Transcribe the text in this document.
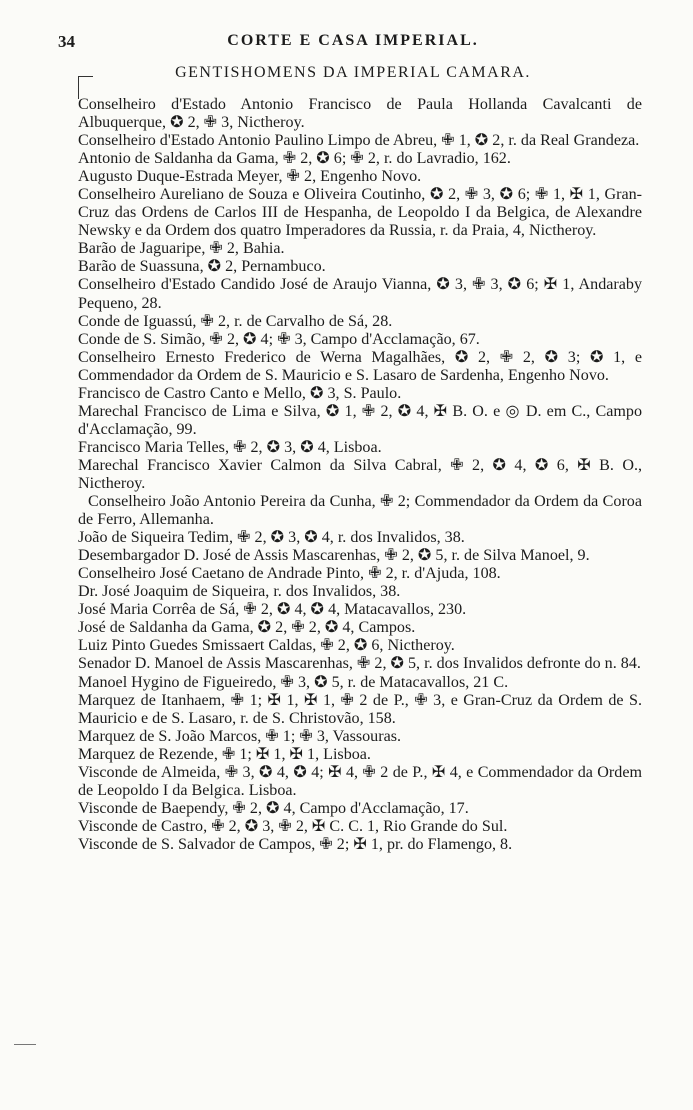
34	CORTE E CASA IMPERIAL.
GENTISHOMENS DA IMPERIAL CAMARA.
Conselheiro d'Estado Antonio Francisco de Paula Hollanda Cavalcanti de Albuquerque, ✪ 2, ✙ 3, Nictheroy.
Conselheiro d'Estado Antonio Paulino Limpo de Abreu, ✙ 1, ✪ 2, r. da Real Grandeza.
Antonio de Saldanha da Gama, ✙ 2, ✪ 6; ✙ 2, r. do Lavradio, 162.
Augusto Duque-Estrada Meyer, ✙ 2, Engenho Novo.
Conselheiro Aureliano de Souza e Oliveira Coutinho, ✪ 2, ✙ 3, ✪ 6; ✙ 1, ✠ 1, Gran-Cruz das Ordens de Carlos III de Hespanha, de Leopoldo I da Belgica, de Alexandre Newsky e da Ordem dos quatro Imperadores da Russia, r. da Praia, 4, Nictheroy.
Barão de Jaguaripe, ✙ 2, Bahia.
Barão de Suassuna, ✪ 2, Pernambuco.
Conselheiro d'Estado Candido José de Araujo Vianna, ✪ 3, ✙ 3, ✪ 6; ✠ 1, Andaraby Pequeno, 28.
Conde de Iguassú, ✙ 2, r. de Carvalho de Sá, 28.
Conde de S. Simão, ✙ 2, ✪ 4; ✙ 3, Campo d'Acclamação, 67.
Conselheiro Ernesto Frederico de Werna Magalhães, ✪ 2, ✙ 2, ✪ 3; ✪ 1, e Commendador da Ordem de S. Mauricio e S. Lasaro de Sardenha, Engenho Novo.
Francisco de Castro Canto e Mello, ✪ 3, S. Paulo.
Marechal Francisco de Lima e Silva, ✪ 1, ✙ 2, ✪ 4, ✠ B. O. e ◎ D. em C., Campo d'Acclamação, 99.
Francisco Maria Telles, ✙ 2, ✪ 3, ✪ 4, Lisboa.
Marechal Francisco Xavier Calmon da Silva Cabral, ✙ 2, ✪ 4, ✪ 6, ✠ B. O., Nictheroy.
Conselheiro João Antonio Pereira da Cunha, ✙ 2; Commendador da Ordem da Coroa de Ferro, Allemanha.
João de Siqueira Tedim, ✙ 2, ✪ 3, ✪ 4, r. dos Invalidos, 38.
Desembargador D. José de Assis Mascarenhas, ✙ 2, ✪ 5, r. de Silva Manoel, 9.
Conselheiro José Caetano de Andrade Pinto, ✙ 2, r. d'Ajuda, 108.
Dr. José Joaquim de Siqueira, r. dos Invalidos, 38.
José Maria Corrêa de Sá, ✙ 2, ✪ 4, ✪ 4, Matacavallos, 230.
José de Saldanha da Gama, ✪ 2, ✙ 2, ✪ 4, Campos.
Luiz Pinto Guedes Smissaert Caldas, ✙ 2, ✪ 6, Nictheroy.
Senador D. Manoel de Assis Mascarenhas, ✙ 2, ✪ 5, r. dos Invalidos defronte do n. 84.
Manoel Hygino de Figueiredo, ✙ 3, ✪ 5, r. de Matacavallos, 21 C.
Marquez de Itanhaem, ✙ 1; ✠ 1, ✠ 1, ✙ 2 de P., ✙ 3, e Gran-Cruz da Ordem de S. Mauricio e de S. Lasaro, r. de S. Christovão, 158.
Marquez de S. João Marcos, ✙ 1; ✙ 3, Vassouras.
Marquez de Rezende, ✙ 1; ✠ 1, ✠ 1, Lisboa.
Visconde de Almeida, ✙ 3, ✪ 4, ✪ 4; ✠ 4, ✙ 2 de P., ✠ 4, e Commendador da Ordem de Leopoldo I da Belgica. Lisboa.
Visconde de Baependy, ✙ 2, ✪ 4, Campo d'Acclamação, 17.
Visconde de Castro, ✙ 2, ✪ 3, ✙ 2, ✠ C. C. 1, Rio Grande do Sul.
Visconde de S. Salvador de Campos, ✙ 2; ✠ 1, pr. do Flamengo, 8.
